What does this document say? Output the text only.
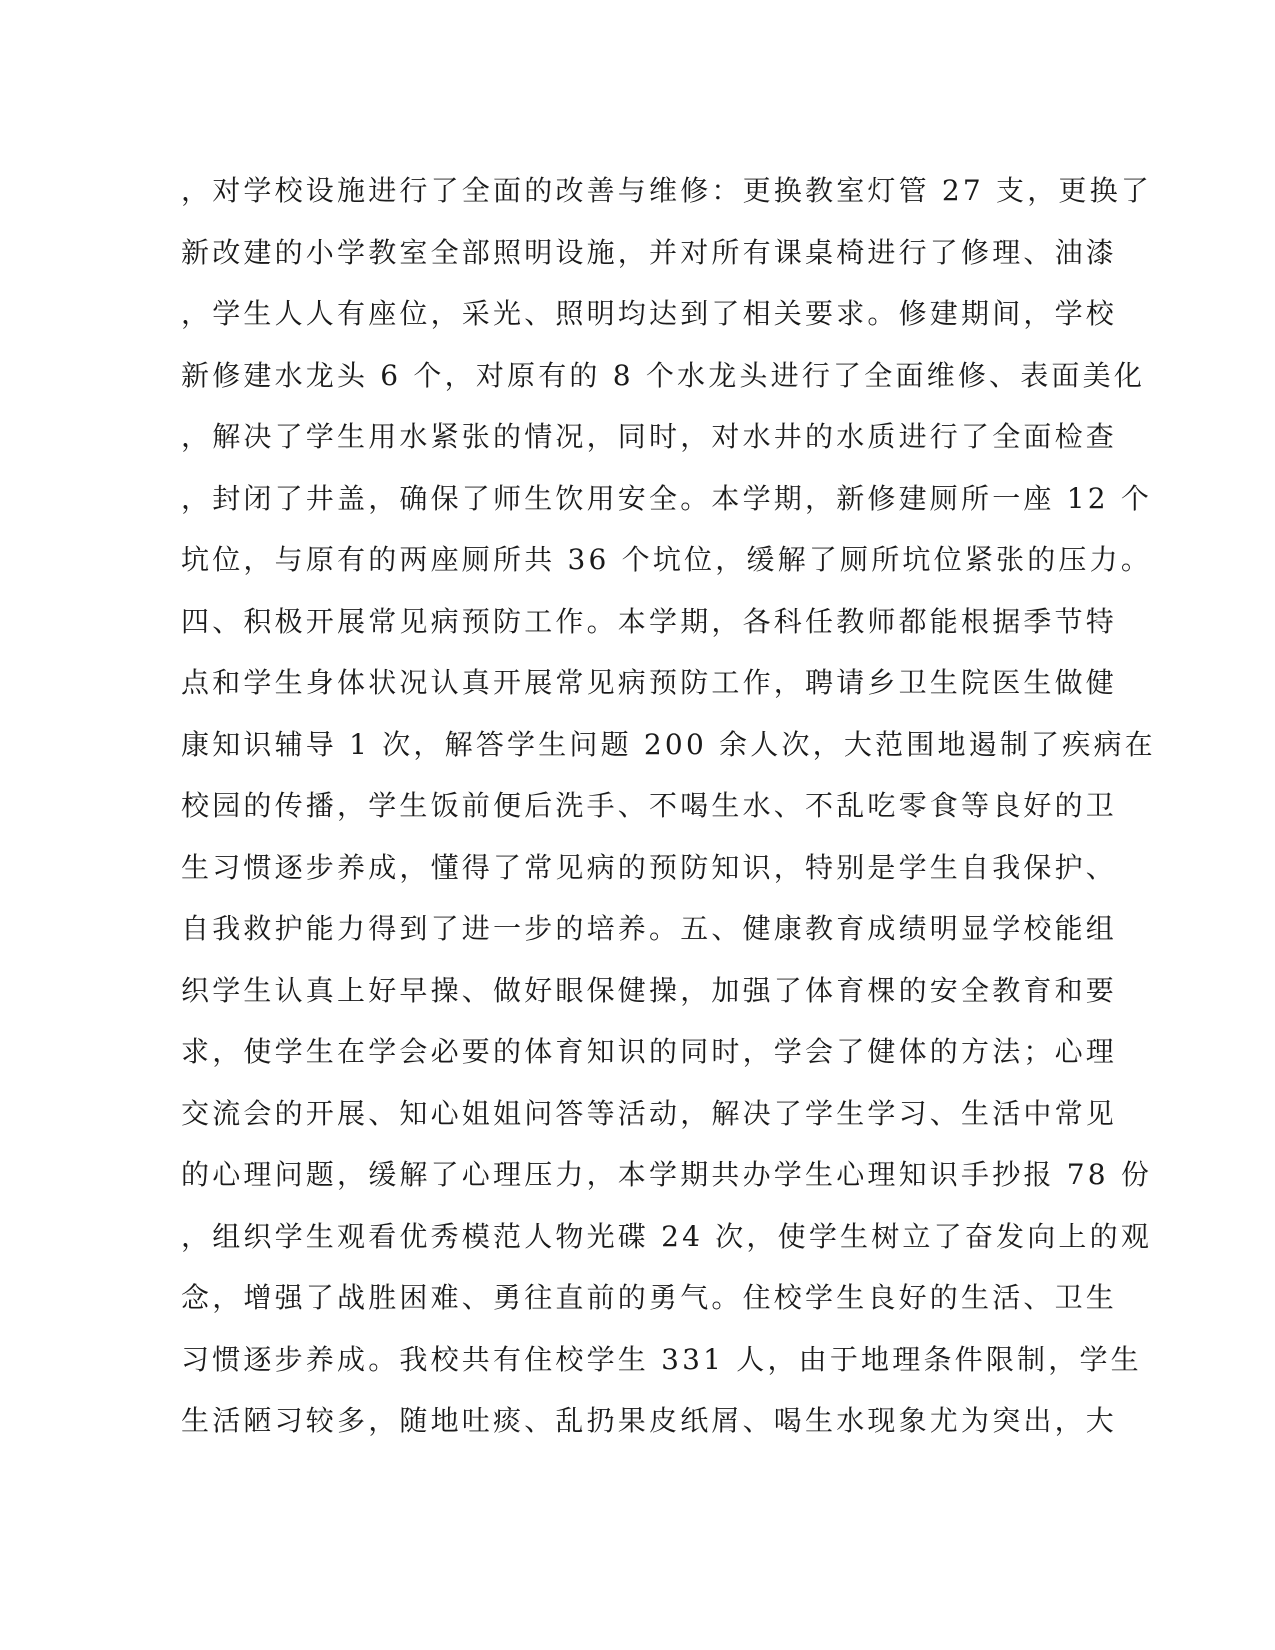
，对学校设施进行了全面的改善与维修：更换教室灯管 27 支，更换了
新改建的小学教室全部照明设施，并对所有课桌椅进行了修理、油漆
，学生人人有座位，采光、照明均达到了相关要求。修建期间，学校
新修建水龙头 6 个，对原有的 8 个水龙头进行了全面维修、表面美化
，解决了学生用水紧张的情况，同时，对水井的水质进行了全面检查
，封闭了井盖，确保了师生饮用安全。本学期，新修建厕所一座 12 个
坑位，与原有的两座厕所共 36 个坑位，缓解了厕所坑位紧张的压力。
四、积极开展常见病预防工作。本学期，各科任教师都能根据季节特
点和学生身体状况认真开展常见病预防工作，聘请乡卫生院医生做健
康知识辅导 1 次，解答学生问题 200 余人次，大范围地遏制了疾病在
校园的传播，学生饭前便后洗手、不喝生水、不乱吃零食等良好的卫
生习惯逐步养成，懂得了常见病的预防知识，特别是学生自我保护、
自我救护能力得到了进一步的培养。五、健康教育成绩明显学校能组
织学生认真上好早操、做好眼保健操，加强了体育棵的安全教育和要
求，使学生在学会必要的体育知识的同时，学会了健体的方法；心理
交流会的开展、知心姐姐问答等活动，解决了学生学习、生活中常见
的心理问题，缓解了心理压力，本学期共办学生心理知识手抄报 78 份
，组织学生观看优秀模范人物光碟 24 次，使学生树立了奋发向上的观
念，增强了战胜困难、勇往直前的勇气。住校学生良好的生活、卫生
习惯逐步养成。我校共有住校学生 331 人，由于地理条件限制，学生
生活陋习较多，随地吐痰、乱扔果皮纸屑、喝生水现象尤为突出，大
